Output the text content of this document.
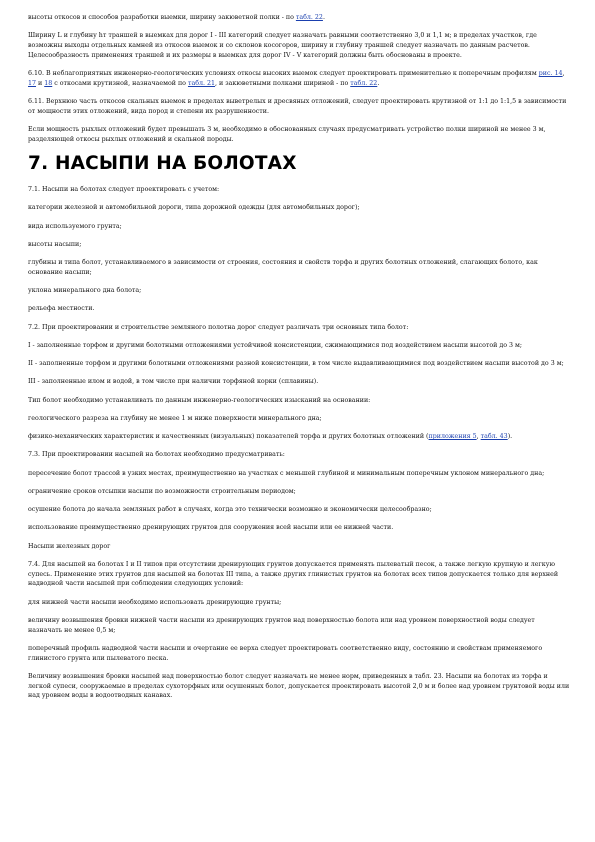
высоты откосов и способов разработки выемки, ширину закюветной полки - по табл. 22.

Ширину L и глубину hт траншей в выемках для дорог I - III категорий следует назначать равными соответственно 3,0 и 1,1 м; в пределах участков, где возможны выходы отдельных камней из откосов выемок и со склонов косогоров, ширину и глубину траншей следует назначать по данным расчетов. Целесообразность применения траншей и их размеры в выемках для дорог IV - V категорий должны быть обоснованы в проекте.

6.10. В неблагоприятных инженерно-геологических условиях откосы высоких выемок следует проектировать применительно к поперечным профилям рис. 14, 17 и 18 с откосами крутизной, назначаемой по табл. 21, и закюветными полками шириной - по табл. 22.

6.11. Верхнюю часть откосов скальных выемок в пределах выветрелых и дресвяных отложений, следует проектировать крутизной от 1:1 до 1:1,5 в зависимости от мощности этих отложений, вида пород и степени их разрушенности.

Если мощность рыхлых отложений будет превышать 3 м, необходимо в обоснованных случаях предусматривать устройство полки шириной не менее 3 м, разделяющей откосы рыхлых отложений и скальной породы.

7. НАСЫПИ НА БОЛОТАХ

7.1. Насыпи на болотах следует проектировать с учетом:

категории железной и автомобильной дороги, типа дорожной одежды (для автомобильных дорог);

вида используемого грунта;

высоты насыпи;

глубины и типа болот, устанавливаемого в зависимости от строения, состояния и свойств торфа и других болотных отложений, слагающих болото, как основание насыпи;

уклона минерального дна болота;

рельефа местности.

7.2. При проектировании и строительстве земляного полотна дорог следует различать три основных типа болот:

I - заполненные торфом и другими болотными отложениями устойчивой консистенции, сжимающимися под воздействием насыпи высотой до 3 м;

II - заполненные торфом и другими болотными отложениями разной консистенции, в том числе выдавливающимися под воздействием насыпи высотой до 3 м;

III - заполненные илом и водой, в том числе при наличии торфяной корки (сплавины).

Тип болот необходимо устанавливать по данным инженерно-геологических изысканий на основании:

геологического разреза на глубину не менее 1 м ниже поверхности минерального дна;

физико-механических характеристик и качественных (визуальных) показателей торфа и других болотных отложений (приложения 5, табл. 43).

7.3. При проектировании насыпей на болотах необходимо предусматривать:

пересечение болот трассой в узких местах, преимущественно на участках с меньшей глубиной и минимальным поперечным уклоном минерального дна;

ограничение сроков отсыпки насыпи по возможности строительным периодом;

осушение болота до начала земляных работ в случаях, когда это технически возможно и экономически целесообразно;

использование преимущественно дренирующих грунтов для сооружения всей насыпи или ее нижней части.

Насыпи железных дорог

7.4. Для насыпей на болотах I и II типов при отсутствии дренирующих грунтов допускается применять пылеватый песок, а также легкую крупную и легкую супесь. Применение этих грунтов для насыпей на болотах III типа, а также других глинистых грунтов на болотах всех типов допускается только для верхней надводной части насыпей при соблюдении следующих условий:

для нижней части насыпи необходимо использовать дренирующие грунты;

величину возвышения бровки нижней части насыпи из дренирующих грунтов над поверхностью болота или над уровнем поверхностной воды следует назначать не менее 0,5 м;

поперечный профиль надводной части насыпи и очертание ее верха следует проектировать соответственно виду, состоянию и свойствам применяемого глинистого грунта или пылеватого песка.

Величину возвышения бровки насыпей над поверхностью болот следует назначать не менее норм, приведенных в табл. 23. Насыпи на болотах из торфа и легкой супеси, сооружаемые в пределах сухоторфных или осушенных болот, допускается проектировать высотой 2,0 м и более над уровнем грунтовой воды или над уровнем воды в водоотводных канавах.
